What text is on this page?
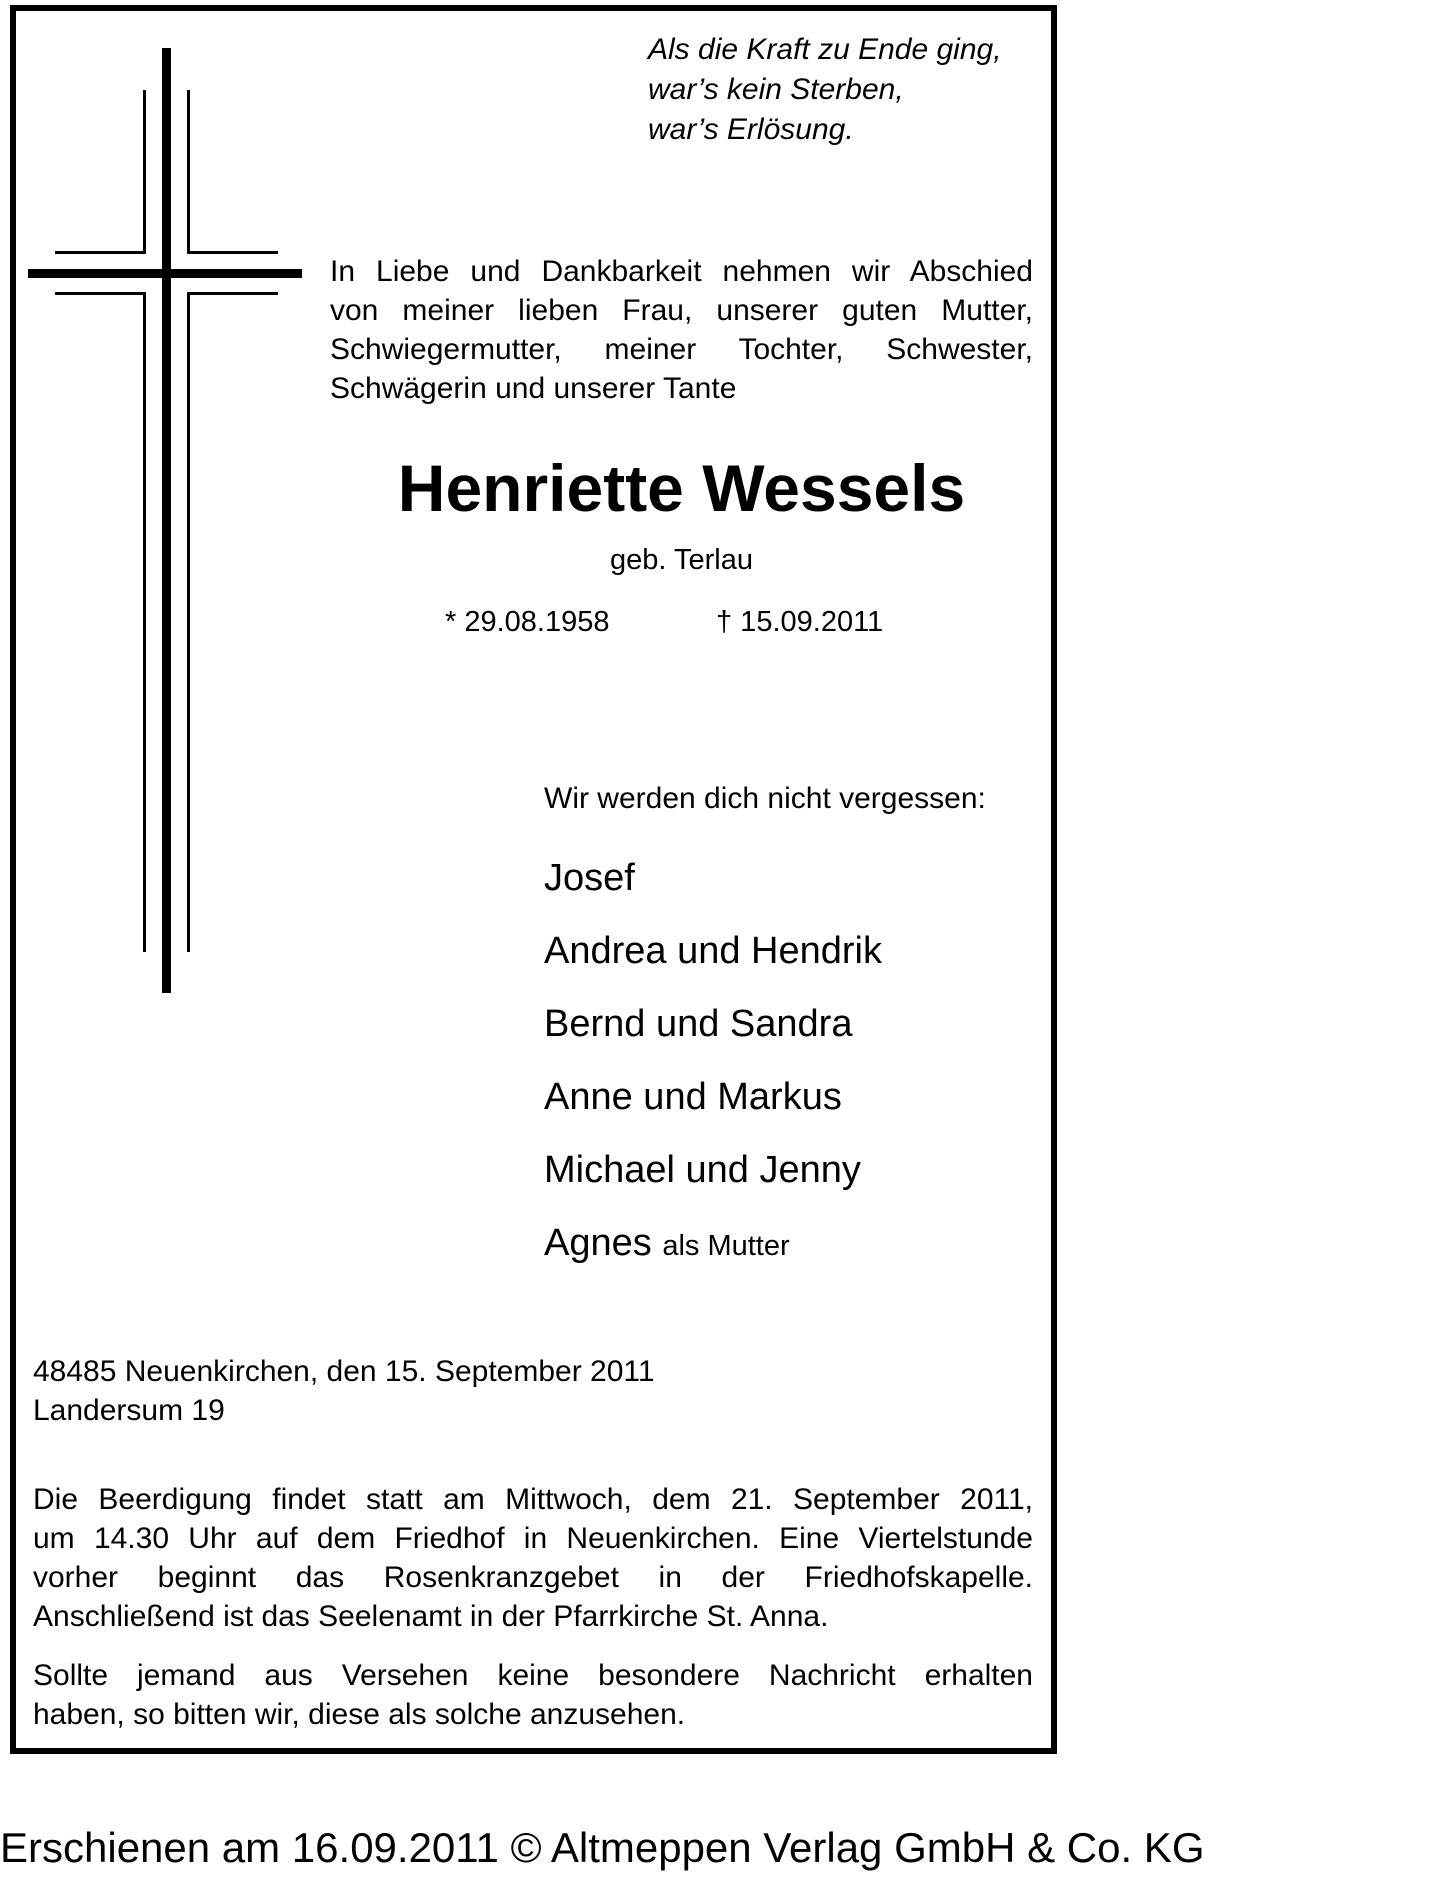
Als die Kraft zu Ende ging,
war’s kein Sterben,
war’s Erlösung.
In Liebe und Dankbarkeit nehmen wir Abschied
von meiner lieben Frau, unserer guten Mutter,
Schwiegermutter, meiner Tochter, Schwester,
Schwägerin und unserer Tante
Henriette Wessels
geb. Terlau
* 29.08.1958	† 15.09.2011
Wir werden dich nicht vergessen:
Josef
Andrea und Hendrik
Bernd und Sandra
Anne und Markus
Michael und Jenny
Agnes als Mutter
48485 Neuenkirchen, den 15. September 2011
Landersum 19
Die Beerdigung findet statt am Mittwoch, dem 21. September 2011,
um 14.30 Uhr auf dem Friedhof in Neuenkirchen. Eine Viertelstunde
vorher beginnt das Rosenkranzgebet in der Friedhofskapelle.
Anschließend ist das Seelenamt in der Pfarrkirche St. Anna.
Sollte jemand aus Versehen keine besondere Nachricht erhalten
haben, so bitten wir, diese als solche anzusehen.
Erschienen am 16.09.2011 © Altmeppen Verlag GmbH & Co. KG
